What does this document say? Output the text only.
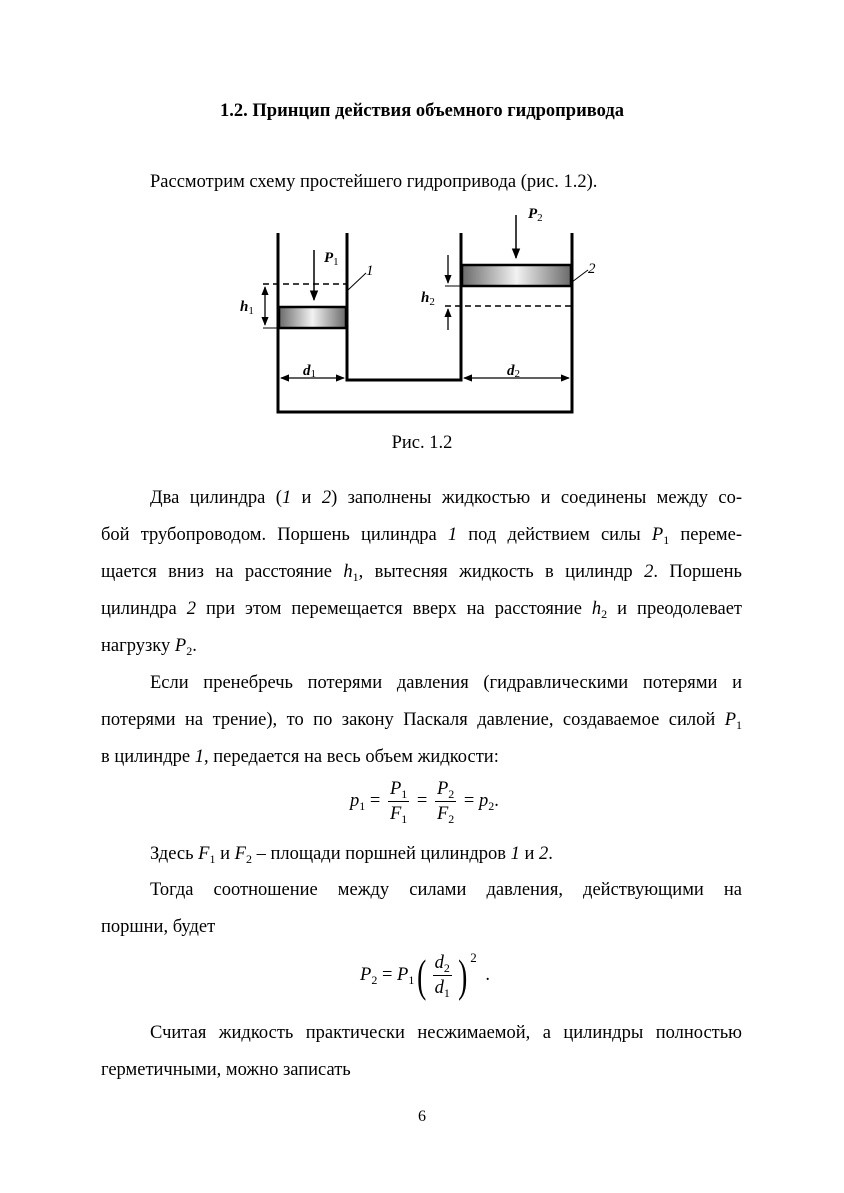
1.2. Принцип действия объемного гидропривода
Рассмотрим схему простейшего гидропривода (рис. 1.2).
$P_1$
$P_2$
$h_1$
$h_2$
d1	d2
1	2
Рис. 1.2
Два цилиндра (1 и 2) заполнены жидкостью и соединены между со-
бой трубопроводом. Поршень цилиндра 1 под действием силы $P_1$ переме-
щается вниз на расстояние $h_1$, вытесняя жидкость в цилиндр 2. Поршень
цилиндра 2 при этом перемещается вверх на расстояние $h_2$ и преодолевает
нагрузку $P_2$.
Если пренебречь потерями давления (гидравлическими потерями и
потерями на трение), то по закону Паскаля давление, создаваемое силой $P_1$
в цилиндре 1, передается на весь объем жидкости:
$p_1 = \frac{P_1}{F_1} = \frac{P_2}{F_2} = p_2$.
Здесь $F_1$ и $F_2$ – площади поршней цилиндров 1 и 2.
Тогда соотношение между силами давления, действующими на
поршни, будет
$P_2 = P_1( \frac{d_2}{d_1}$ ) $^2$ .
Считая жидкость практически несжимаемой, а цилиндры полностью
герметичными, можно записать
6
